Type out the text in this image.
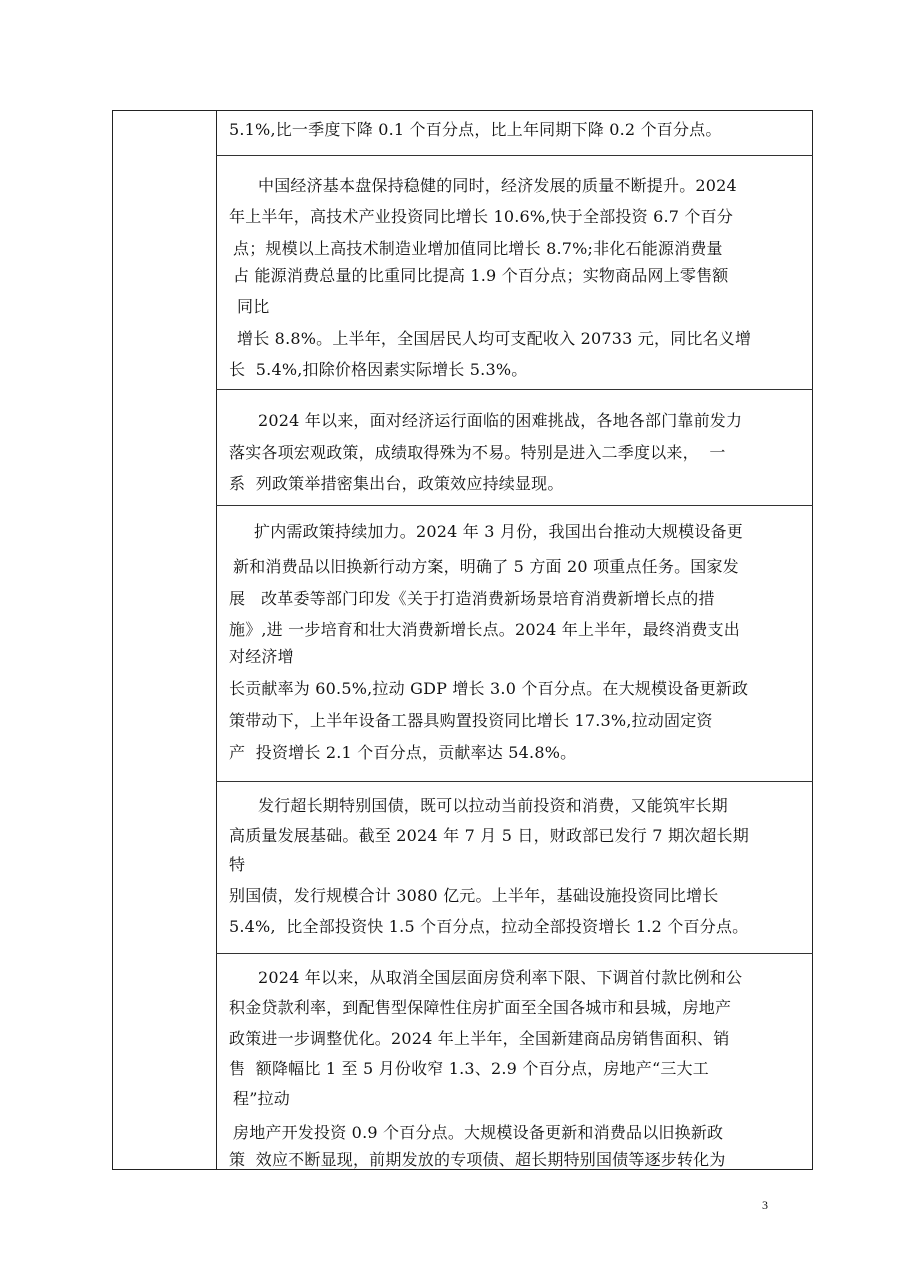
5.1%,比一季度下降 0.1 个百分点，比上年同期下降 0.2 个百分点。
中国经济基本盘保持稳健的同时，经济发展的质量不断提升。2024
年上半年，高技术产业投资同比增长 10.6%,快于全部投资 6.7 个百分
点；规模以上高技术制造业增加值同比增长 8.7%;非化石能源消费量
占 能源消费总量的比重同比提高 1.9 个百分点；实物商品网上零售额
同比
增长 8.8%。上半年，全国居民人均可支配收入 20733 元，同比名义增
长  5.4%,扣除价格因素实际增长 5.3%。
2024 年以来，面对经济运行面临的困难挑战，各地各部门靠前发力
落实各项宏观政策，成绩取得殊为不易。特别是进入二季度以来，  一
系  列政策举措密集出台，政策效应持续显现。
扩内需政策持续加力。2024 年 3 月份，我国出台推动大规模设备更
新和消费品以旧换新行动方案，明确了 5 方面 20 项重点任务。国家发
展   改革委等部门印发《关于打造消费新场景培育消费新增长点的措
施》,进 一步培育和壮大消费新增长点。2024 年上半年，最终消费支出
对经济增
长贡献率为 60.5%,拉动 GDP 增长 3.0 个百分点。在大规模设备更新政
策带动下，上半年设备工器具购置投资同比增长 17.3%,拉动固定资
产  投资增长 2.1 个百分点，贡献率达 54.8%。
发行超长期特别国债，既可以拉动当前投资和消费，又能筑牢长期
高质量发展基础。截至 2024 年 7 月 5 日，财政部已发行 7 期次超长期
特
别国债，发行规模合计 3080 亿元。上半年，基础设施投资同比增长
5.4%,  比全部投资快 1.5 个百分点，拉动全部投资增长 1.2 个百分点。
2024 年以来，从取消全国层面房贷利率下限、下调首付款比例和公
积金贷款利率，到配售型保障性住房扩面至全国各城市和县城，房地产
政策进一步调整优化。2024 年上半年，全国新建商品房销售面积、销
售  额降幅比 1 至 5 月份收窄 1.3、2.9 个百分点，房地产“三大工
程”拉动
房地产开发投资 0.9 个百分点。大规模设备更新和消费品以旧换新政
策  效应不断显现，前期发放的专项债、超长期特别国债等逐步转化为
3
